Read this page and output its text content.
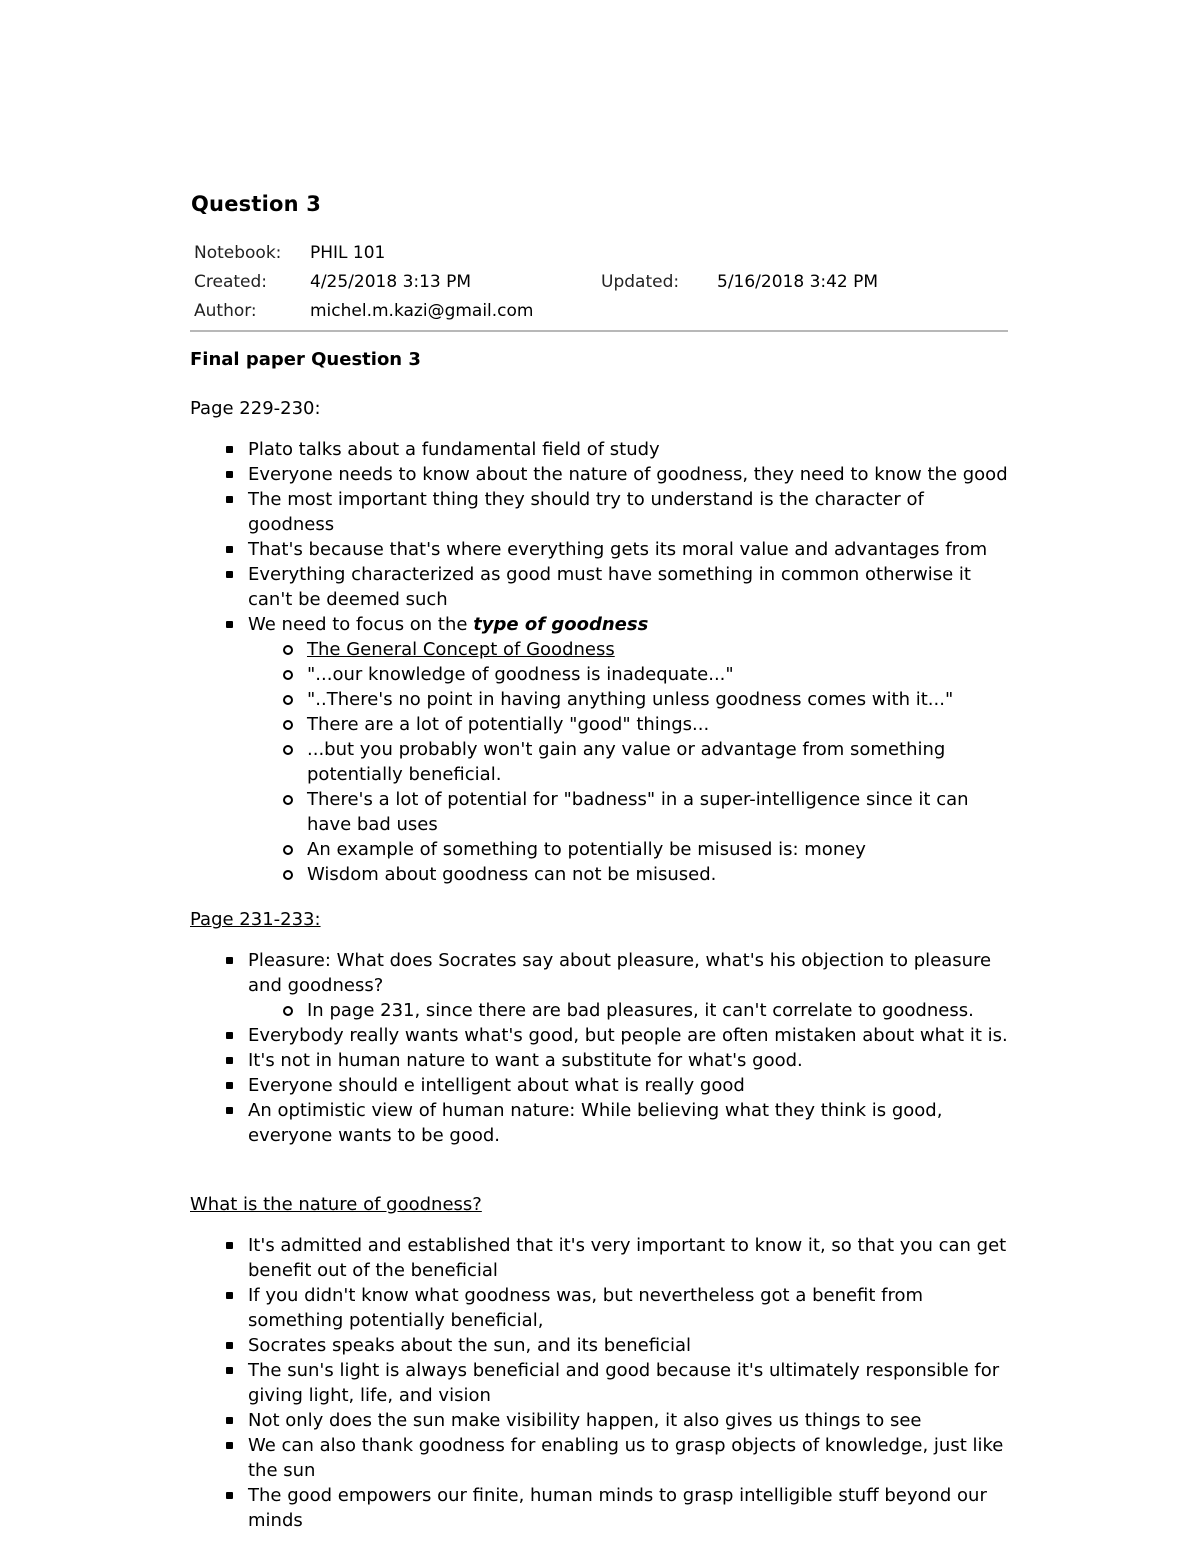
Question 3
Notebook:	PHIL 101		
Created:	4/25/2018 3:13 PM	Updated:	5/16/2018 3:42 PM
Author:	michel.m.kazi@gmail.com		
Final paper Question 3

Page 229-230:

Plato talks about a fundamental field of study
Everyone needs to know about the nature of goodness, they need to know the good
The most important thing they should try to understand is the character of goodness
That's because that's where everything gets its moral value and advantages from
Everything characterized as good must have something in common otherwise it can't be deemed such
We need to focus on the type of goodness
The General Concept of Goodness
"...our knowledge of goodness is inadequate..."
"..There's no point in having anything unless goodness comes with it..."
There are a lot of potentially "good" things...
...but you probably won't gain any value or advantage from something potentially beneficial.
There's a lot of potential for "badness" in a super-intelligence since it can have bad uses
An example of something to potentially be misused is: money
Wisdom about goodness can not be misused.

Page 231-233:

Pleasure: What does Socrates say about pleasure, what's his objection to pleasure and goodness?
In page 231, since there are bad pleasures, it can't correlate to goodness.
Everybody really wants what's good, but people are often mistaken about what it is.
It's not in human nature to want a substitute for what's good.
Everyone should e intelligent about what is really good
An optimistic view of human nature: While believing what they think is good, everyone wants to be good.

What is the nature of goodness?

It's admitted and established that it's very important to know it, so that you can get benefit out of the beneficial
If you didn't know what goodness was, but nevertheless got a benefit from something potentially beneficial,
Socrates speaks about the sun, and its beneficial
The sun's light is always beneficial and good because it's ultimately responsible for giving light, life, and vision
Not only does the sun make visibility happen, it also gives us things to see
We can also thank goodness for enabling us to grasp objects of knowledge, just like the sun
The good empowers our finite, human minds to grasp intelligible stuff beyond our minds
